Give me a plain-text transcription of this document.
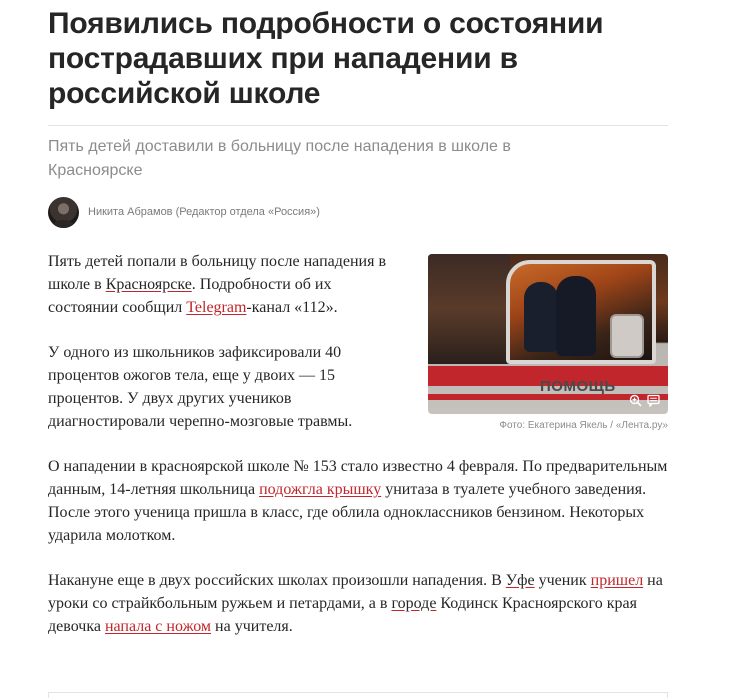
Появились подробности о состоянии пострадавших при нападении в российской школе
Пять детей доставили в больницу после нападения в школе в Красноярске
Никита Абрамов (Редактор отдела «Россия»)
ПОМОЩЬ
Фото: Екатерина Якель / «Лента.ру»

Пять детей попали в больницу после нападения в школе в Красноярске. Подробности об их состоянии сообщил Telegram-канал «112».

У одного из школьников зафиксировали 40 процентов ожогов тела, еще у двоих — 15 процентов. У двух других учеников диагностировали черепно-мозговые травмы.

О нападении в красноярской школе № 153 стало известно 4 февраля. По предварительным данным, 14-летняя школьница подожгла крышку унитаза в туалете учебного заведения. После этого ученица пришла в класс, где облила одноклассников бензином. Некоторых ударила молотком.

Накануне еще в двух российских школах произошли нападения. В Уфе ученик пришел на уроки со страйкбольным ружьем и петардами, а в городе Кодинск Красноярского края девочка напала с ножом на учителя.
